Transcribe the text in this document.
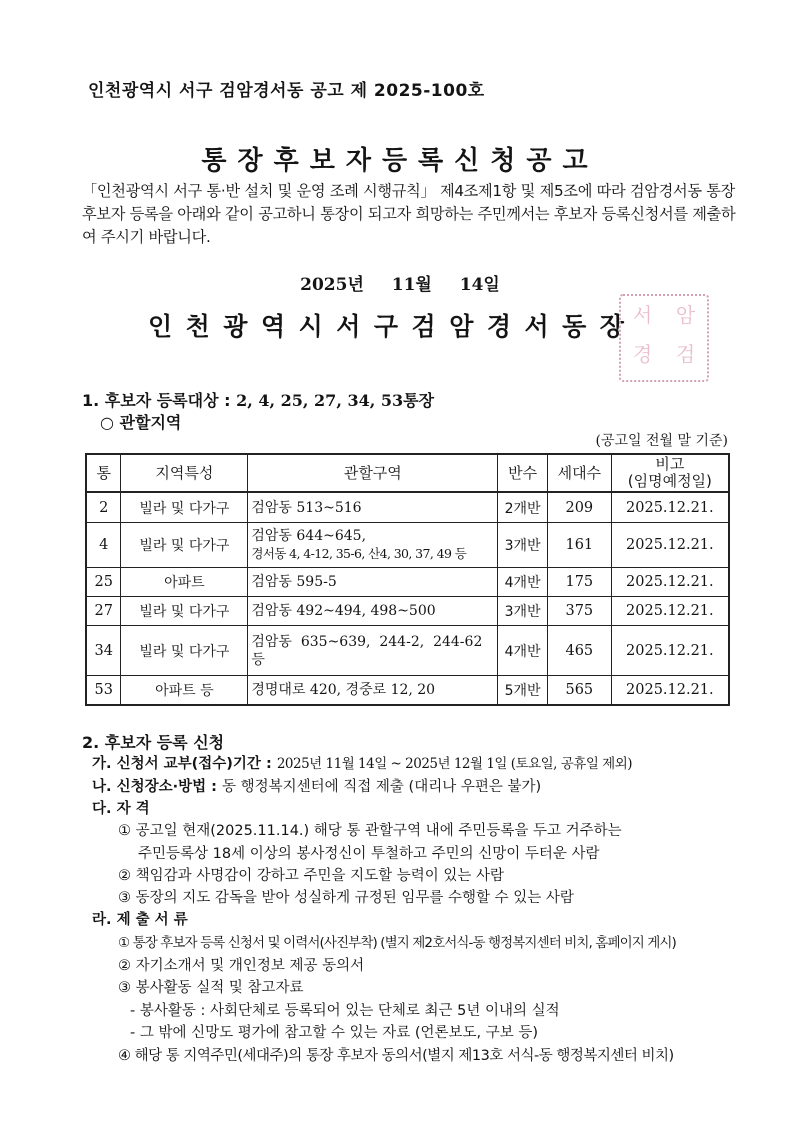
인천광역시 서구 검암경서동 공고 제 2025-100호
통장후보자등록신청공고
「인천광역시 서구 통·반 설치 및 운영 조례 시행규칙」 제4조제1항 및 제5조에 따라 검암경서동 통장 후보자 등록을 아래와 같이 공고하니 통장이 되고자 희망하는 주민께서는 후보자 등록신청서를 제출하여 주시기 바랍니다.
2025년 11월 14일
인천광역시서구검암경서동장
서	암
경	검
1. 후보자 등록대상 : 2, 4, 25, 27, 34, 53통장
○ 관할지역
(공고일 전월 말 기준)
통	지역특성	관할구역	반수	세대수	비고
(임명예정일)

2	빌라 및 다가구	검암동 513~516	2개반	209	2025.12.21.
4	빌라 및 다가구	검암동 644~645,
경서동 4, 4-12, 35-6, 산4, 30, 37, 49 등	3개반	161	2025.12.21.
25	아파트	검암동 595-5	4개반	175	2025.12.21.
27	빌라 및 다가구	검암동 492~494, 498~500	3개반	375	2025.12.21.
34	빌라 및 다가구	검암동  635~639,  244-2,  244-62
등	4개반	465	2025.12.21.
53	아파트 등	경명대로 420, 경중로 12, 20	5개반	565	2025.12.21.
2. 후보자 등록 신청
가. 신청서 교부(접수)기간 : 2025년 11월 14일 ~ 2025년 12월 1일 (토요일, 공휴일 제외)
나. 신청장소·방법 : 동 행정복지센터에 직접 제출 (대리나 우편은 불가)
다. 자 격
① 공고일 현재(2025.11.14.) 해당 통 관할구역 내에 주민등록을 두고 거주하는
주민등록상 18세 이상의 봉사정신이 투철하고 주민의 신망이 두터운 사람
② 책임감과 사명감이 강하고 주민을 지도할 능력이 있는 사람
③ 동장의 지도 감독을 받아 성실하게 규정된 임무를 수행할 수 있는 사람
라. 제 출 서 류
① 통장 후보자 등록 신청서 및 이력서(사진부착) (별지 제2호서식-동 행정복지센터 비치, 홈페이지 게시)
② 자기소개서 및 개인정보 제공 동의서
③ 봉사활동 실적 및 참고자료
- 봉사활동 : 사회단체로 등록되어 있는 단체로 최근 5년 이내의 실적
- 그 밖에 신망도 평가에 참고할 수 있는 자료 (언론보도, 구보 등)
④ 해당 통 지역주민(세대주)의 통장 후보자 동의서(별지 제13호 서식-동 행정복지센터 비치)
